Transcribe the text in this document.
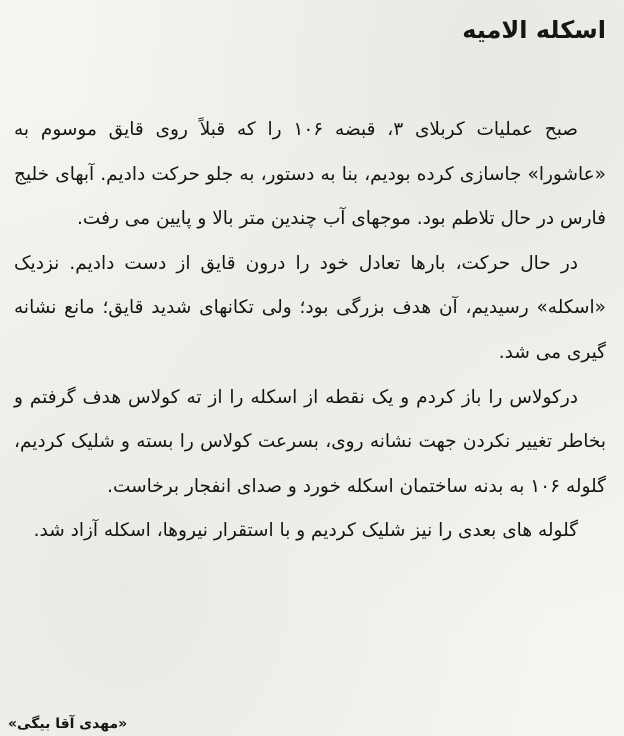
اسکله الامیه

صبح عملیات کربلای ۳، قبضه ۱۰۶ را که قبلاً روی قایق موسوم به «عاشورا» جاسازی کرده بودیم، بنا به دستور، به جلو حرکت دادیم. آبهای خلیج فارس در حال تلاطم بود. موجهای آب چندین متر بالا و پایین می رفت.

در حال حرکت، بارها تعادل خود را درون قایق از دست دادیم. نزدیک «اسکله» رسیدیم، آن هدف بزرگی بود؛ ولی تکانهای شدید قایق؛ مانع نشانه گیری می شد.

درکولاس را باز کردم و یک نقطه از اسکله را از ته کولاس هدف گرفتم و بخاطر تغییر نکردن جهت نشانه روی، بسرعت کولاس را بسته و شلیک کردیم، گلوله ۱۰۶ به بدنه ساختمان اسکله خورد و صدای انفجار برخاست.

گلوله های بعدی را نیز شلیک کردیم و با استقرار نیروها، اسکله آزاد شد.

«مهدی آقا بیگی»
